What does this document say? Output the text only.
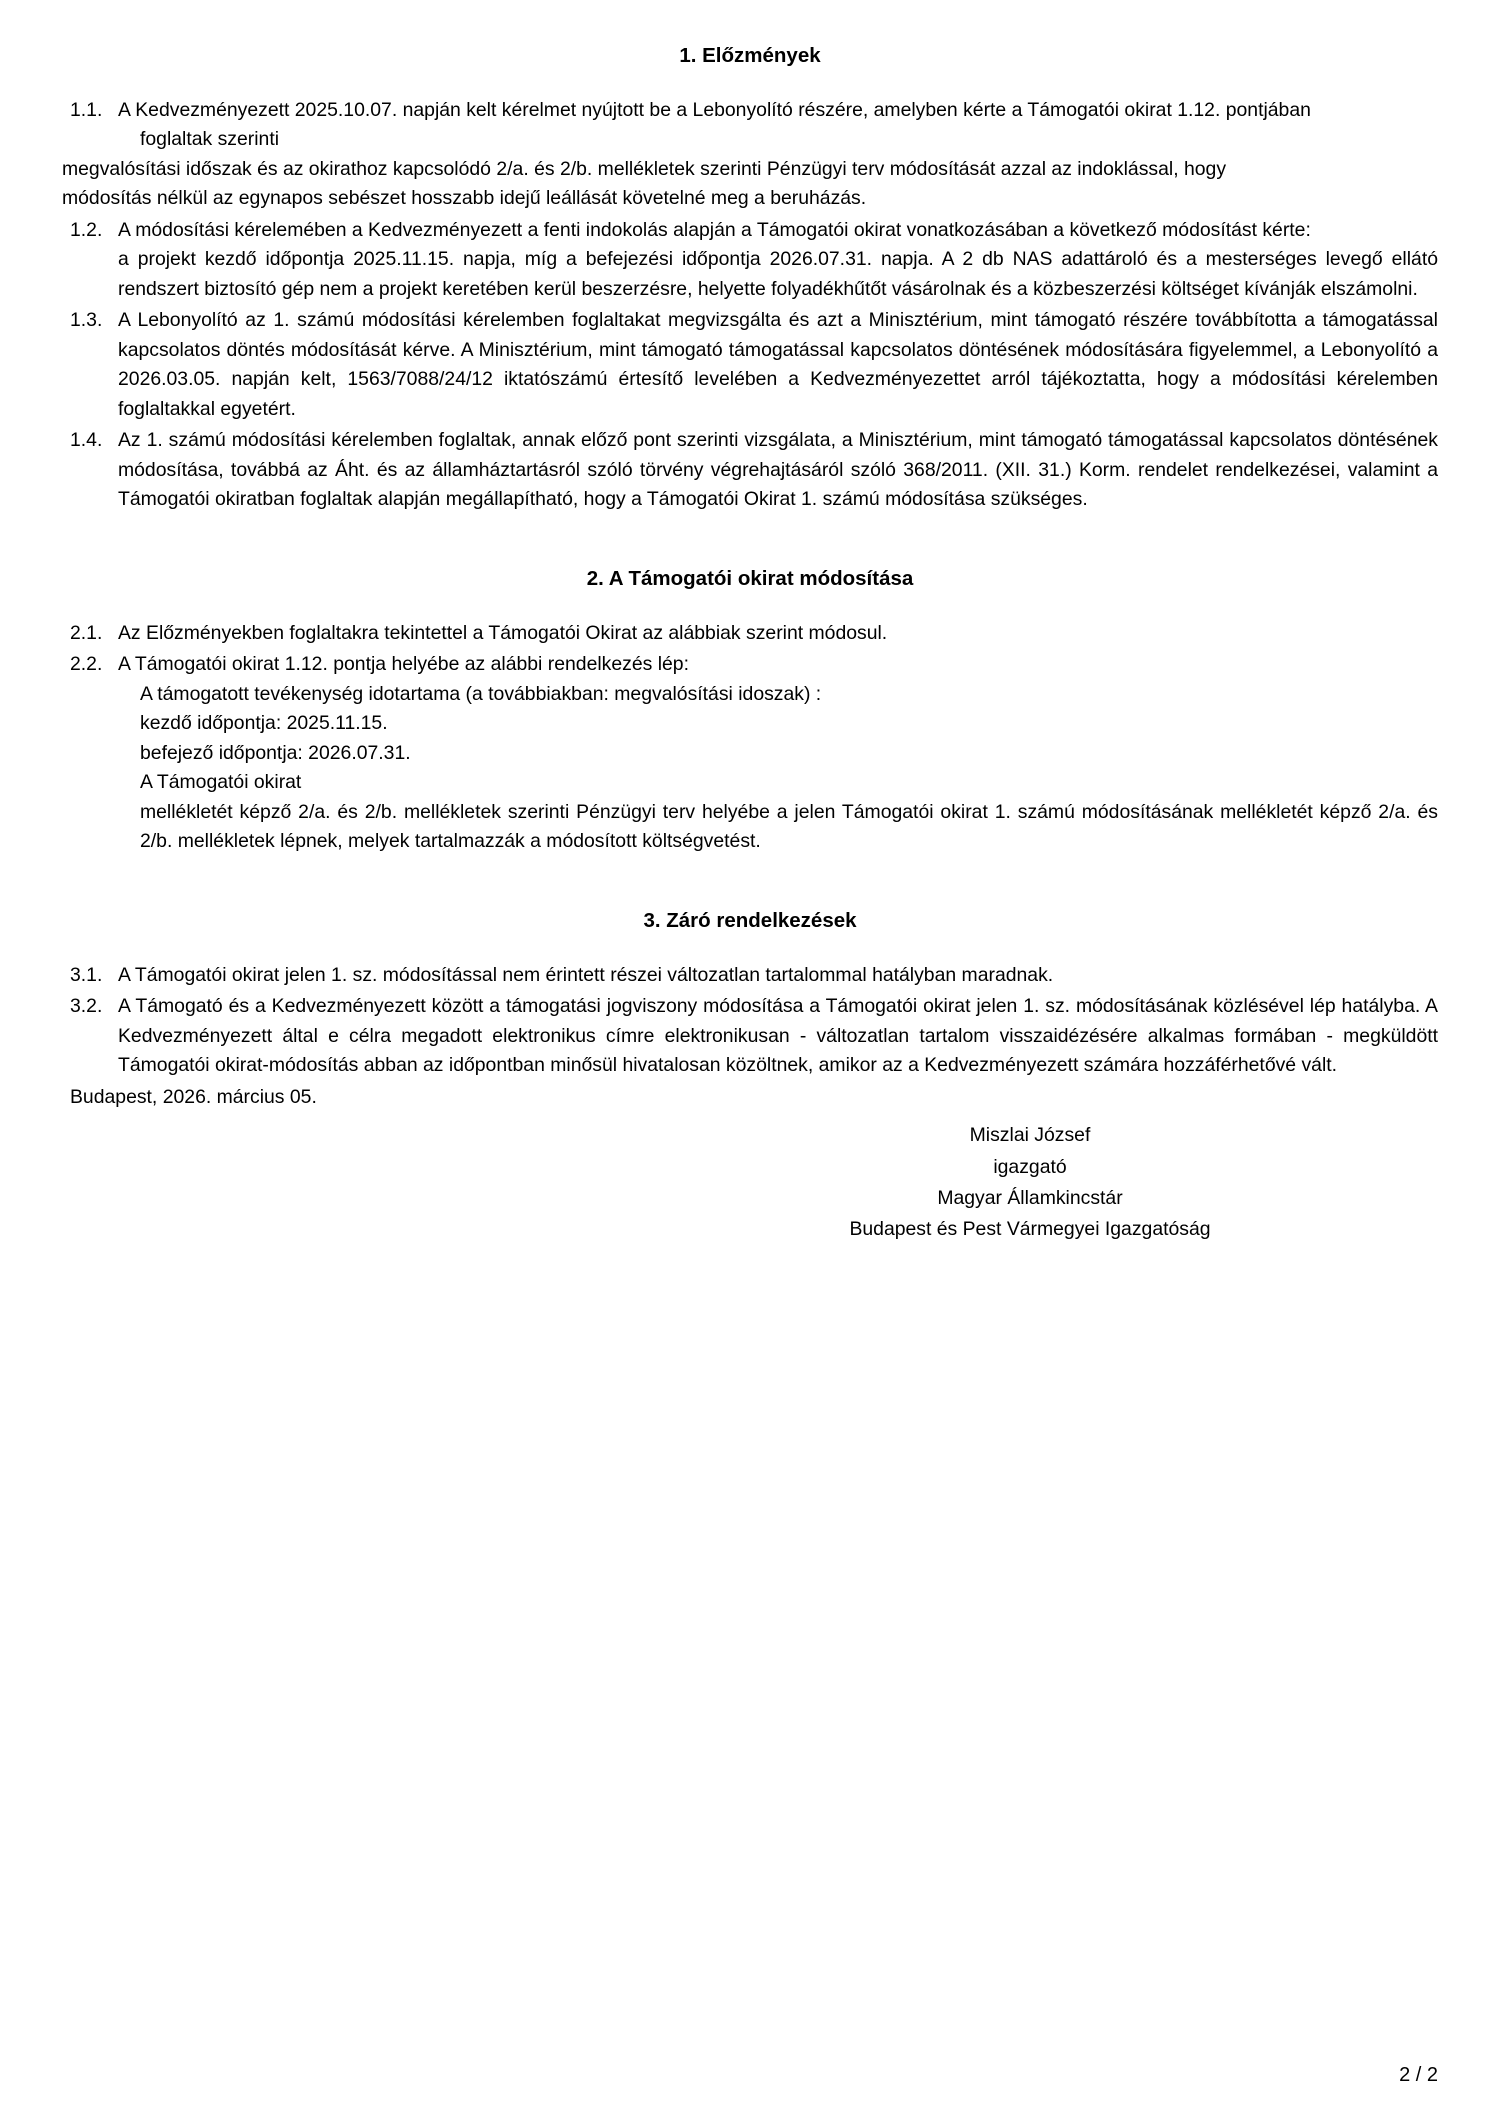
1. Előzmények
1.1. A Kedvezményezett 2025.10.07. napján kelt kérelmet nyújtott be a Lebonyolító részére, amelyben kérte a Támogatói okirat 1.12. pontjában
foglaltak szerinti
megvalósítási időszak és az okirathoz kapcsolódó 2/a. és 2/b. mellékletek szerinti Pénzügyi terv módosítását azzal az indoklással, hogy
módosítás nélkül az egynapos sebészet hosszabb idejű leállását követelné meg a beruházás.
1.2. A módosítási kérelemében a Kedvezményezett a fenti indokolás alapján a Támogatói okirat vonatkozásában a következő módosítást kérte:
a projekt kezdő időpontja 2025.11.15. napja, míg a befejezési időpontja 2026.07.31. napja. A 2 db NAS adattároló és a mesterséges levegő ellátó rendszert biztosító gép nem a projekt keretében kerül beszerzésre, helyette folyadékhűtőt vásárolnak és a közbeszerzési költséget kívánják elszámolni.
1.3. A Lebonyolító az 1. számú módosítási kérelemben foglaltakat megvizsgálta és azt a Minisztérium, mint támogató részére továbbította a támogatással kapcsolatos döntés módosítását kérve. A Minisztérium, mint támogató támogatással kapcsolatos döntésének módosítására figyelemmel, a Lebonyolító a 2026.03.05. napján kelt, 1563/7088/24/12 iktatószámú értesítő levelében a Kedvezményezettet arról tájékoztatta, hogy a módosítási kérelemben foglaltakkal egyetért.
1.4. Az 1. számú módosítási kérelemben foglaltak, annak előző pont szerinti vizsgálata, a Minisztérium, mint támogató támogatással kapcsolatos döntésének módosítása, továbbá az Áht. és az államháztartásról szóló törvény végrehajtásáról szóló 368/2011. (XII. 31.) Korm. rendelet rendelkezései, valamint a Támogatói okiratban foglaltak alapján megállapítható, hogy a Támogatói Okirat 1. számú módosítása szükséges.
2. A Támogatói okirat módosítása
2.1. Az Előzményekben foglaltakra tekintettel a Támogatói Okirat az alábbiak szerint módosul.
2.2. A Támogatói okirat 1.12. pontja helyébe az alábbi rendelkezés lép:
A támogatott tevékenység idotartama (a továbbiakban: megvalósítási idoszak) :
kezdő időpontja: 2025.11.15.
befejező időpontja: 2026.07.31.
A Támogatói okirat
mellékletét képző 2/a. és 2/b. mellékletek szerinti Pénzügyi terv helyébe a jelen Támogatói okirat 1. számú módosításának mellékletét képző 2/a. és 2/b. mellékletek lépnek, melyek tartalmazzák a módosított költségvetést.
3. Záró rendelkezések
3.1. A Támogatói okirat jelen 1. sz. módosítással nem érintett részei változatlan tartalommal hatályban maradnak.
3.2. A Támogató és a Kedvezményezett között a támogatási jogviszony módosítása a Támogatói okirat jelen 1. sz. módosításának közlésével lép hatályba. A Kedvezményezett által e célra megadott elektronikus címre elektronikusan - változatlan tartalom visszaidézésére alkalmas formában - megküldött Támogatói okirat-módosítás abban az időpontban minősül hivatalosan közöltnek, amikor az a Kedvezményezett számára hozzáférhetővé vált.
Budapest, 2026. március 05.
Miszlai József
igazgató
Magyar Államkincstár
Budapest és Pest Vármegyei Igazgatóság
2 / 2
